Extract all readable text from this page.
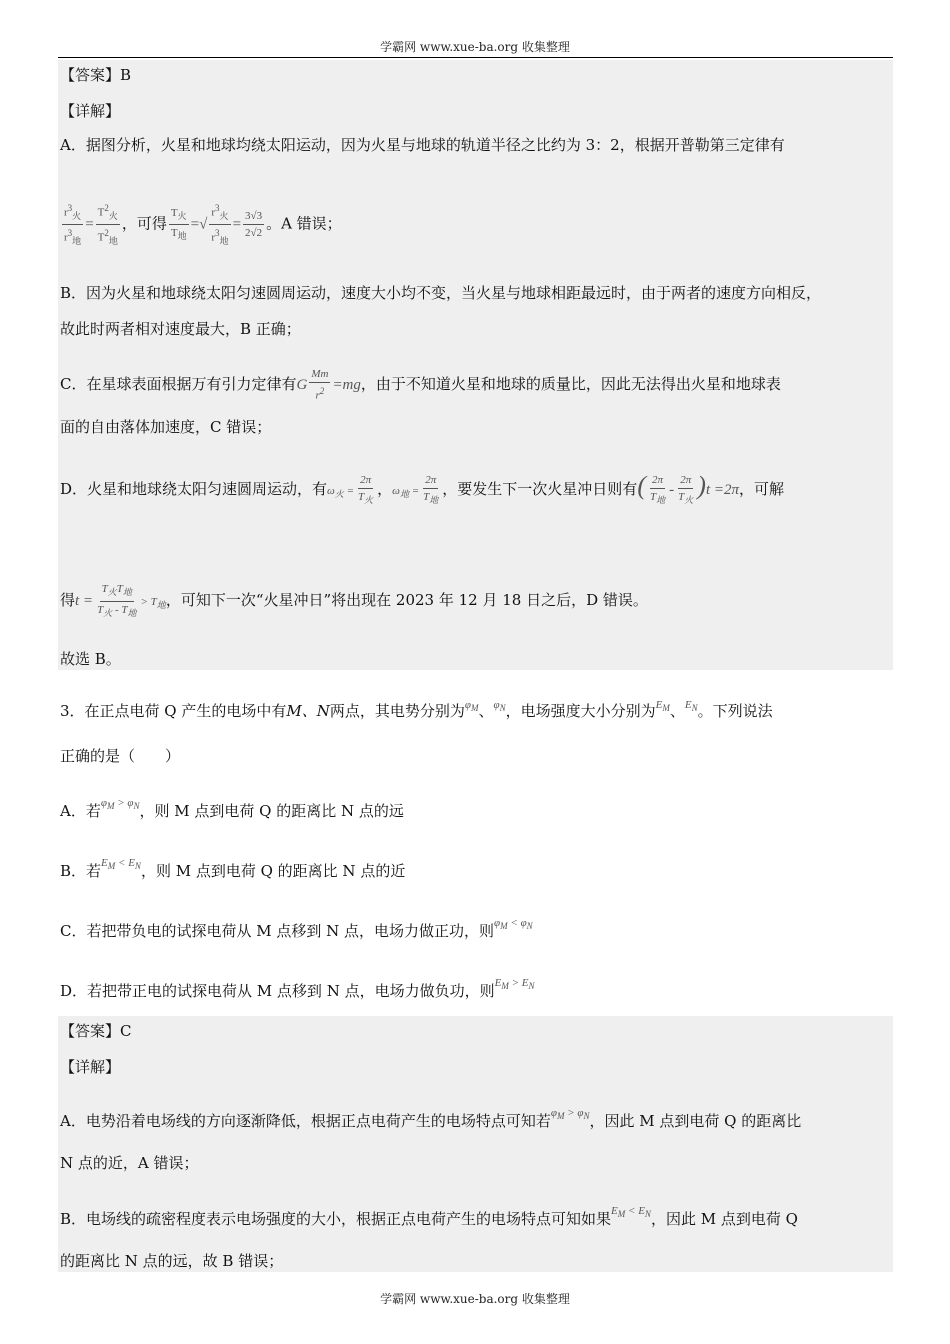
学霸网 www.xue-ba.org 收集整理
【答案】B
【详解】
A．据图分析，火星和地球均绕太阳运动，因为火星与地球的轨道半径之比约为 3：2，根据开普勒第三定律有
$\frac{r^3_火}{r^3_地} = \frac{T^2_火}{T^2_地}$ ，可得 $\frac{T_火}{T_地}$ =√ $\frac{r^3_火}{r^3_地} = \frac{3√3}{2√2}$ 。A 错误；
B．因为火星和地球绕太阳匀速圆周运动，速度大小均不变，当火星与地球相距最远时，由于两者的速度方向相反，
故此时两者相对速度最大，B 正确；
C．在星球表面根据万有引力定律有G $\frac{Mm}{r^2} =mg$，由于不知道火星和地球的质量比，因此无法得出火星和地球表
面的自由落体加速度，C 错误；
D．火星和地球绕太阳匀速圆周运动，有$\omega_火 = \frac{2\pi}{T_火}$ ，$\omega_地 = \frac{2\pi}{T_地}$ ，要发生下一次火星冲日则有( $\frac{2\pi}{T_地} - \frac{2\pi}{T_火} )t =2\pi$，可解
得$t = \frac{T_火T_地}{T_火 - T_地} > T_地$，可知下一次“火星冲日”将出现在 2023 年 12 月 18 日之后，D 错误。
故选 B。
3．在正点电荷 Q 产生的电场中有M、N两点，其电势分别为$^{\varphi_M}$、$^{\varphi_N}$，电场强度大小分别为$^{E_M}$、$^{E_N}$。下列说法
正确的是（　　）
A．若$^{\varphi_M > \varphi_N}$，则 M 点到电荷 Q 的距离比 N 点的远
B．若$^{E_M < E_N}$，则 M 点到电荷 Q 的距离比 N 点的近
C．若把带负电的试探电荷从 M 点移到 N 点，电场力做正功，则$^{\varphi_M < \varphi_N}$
D．若把带正电的试探电荷从 M 点移到 N 点，电场力做负功，则$^{E_M > E_N}$
【答案】C
【详解】
A．电势沿着电场线的方向逐渐降低，根据正点电荷产生的电场特点可知若$^{\varphi_M > \varphi_N}$，因此 M 点到电荷 Q 的距离比
N 点的近，A 错误；
B．电场线的疏密程度表示电场强度的大小，根据正点电荷产生的电场特点可知如果$^{E_M < E_N}$，因此 M 点到电荷 Q
的距离比 N 点的远，故 B 错误；
学霸网 www.xue-ba.org 收集整理
